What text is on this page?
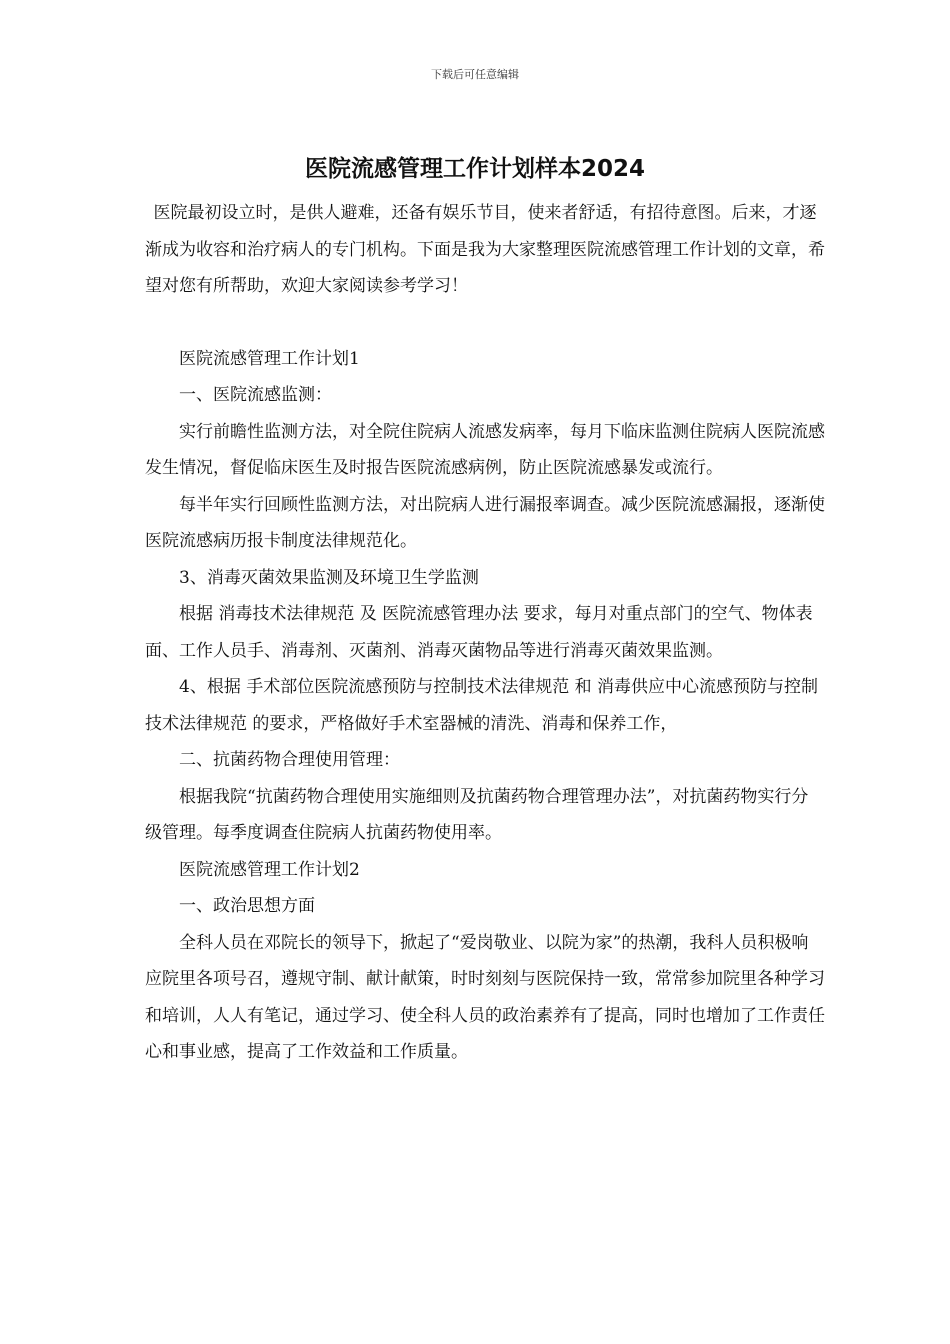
下载后可任意编辑
医院流感管理工作计划样本2024

医院最初设立时，是供人避难，还备有娱乐节目，使来者舒适，有招待意图。后来，才逐渐成为收容和治疗病人的专门机构。下面是我为大家整理医院流感管理工作计划的文章，希望对您有所帮助，欢迎大家阅读参考学习！

医院流感管理工作计划1

一、医院流感监测：

实行前瞻性监测方法，对全院住院病人流感发病率，每月下临床监测住院病人医院流感发生情况，督促临床医生及时报告医院流感病例，防止医院流感暴发或流行。

每半年实行回顾性监测方法，对出院病人进行漏报率调查。减少医院流感漏报，逐渐使医院流感病历报卡制度法律规范化。

3、消毒灭菌效果监测及环境卫生学监测

根据 消毒技术法律规范 及 医院流感管理办法 要求，每月对重点部门的空气、物体表面、工作人员手、消毒剂、灭菌剂、消毒灭菌物品等进行消毒灭菌效果监测。

4、根据 手术部位医院流感预防与控制技术法律规范 和 消毒供应中心流感预防与控制技术法律规范 的要求，严格做好手术室器械的清洗、消毒和保养工作，

二、抗菌药物合理使用管理：

根据我院“抗菌药物合理使用实施细则及抗菌药物合理管理办法”，对抗菌药物实行分级管理。每季度调查住院病人抗菌药物使用率。

医院流感管理工作计划2

一、政治思想方面

全科人员在邓院长的领导下，掀起了“爱岗敬业、以院为家”的热潮，我科人员积极响应院里各项号召，遵规守制、献计献策，时时刻刻与医院保持一致，常常参加院里各种学习和培训，人人有笔记，通过学习、使全科人员的政治素养有了提高，同时也增加了工作责任心和事业感，提高了工作效益和工作质量。
